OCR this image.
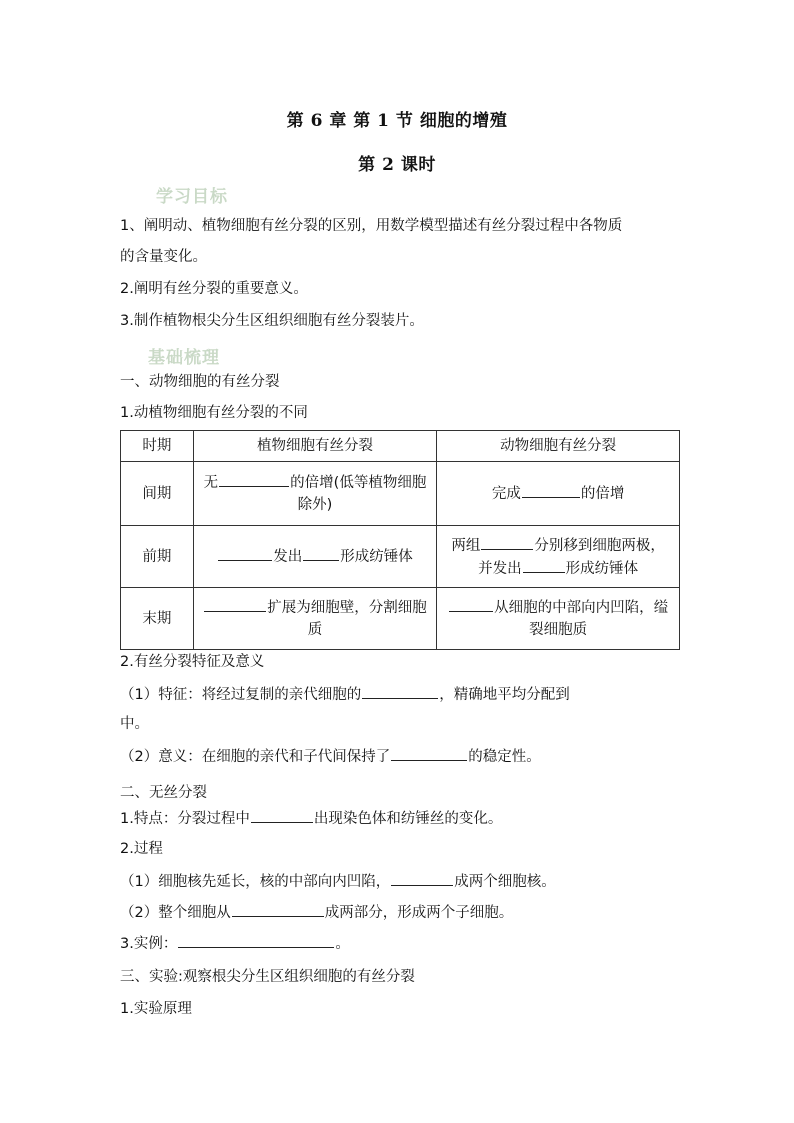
第 6 章 第 1 节 细胞的增殖
第 2 课时
学习目标
1、阐明动、植物细胞有丝分裂的区别，用数学模型描述有丝分裂过程中各物质
的含量变化。
2.阐明有丝分裂的重要意义。
3.制作植物根尖分生区组织细胞有丝分裂装片。
基础梳理
一、动物细胞的有丝分裂
1.动植物细胞有丝分裂的不同
时期	植物细胞有丝分裂	动物细胞有丝分裂
间期	无 的倍增(低等植物细胞
除外)	完成 的倍增
前期	发出 形成纺锤体	两组 分别移到细胞两极，
并发出 形成纺锤体
末期	扩展为细胞壁，分割细胞
质	从细胞的中部向内凹陷，缢
裂细胞质
2.有丝分裂特征及意义
（1）特征：将经过复制的亲代细胞的	，精确地平均分配到
中。
（2）意义：在细胞的亲代和子代间保持了	的稳定性。
二、无丝分裂
1.特点：分裂过程中	出现染色体和纺锤丝的变化。
2.过程
（1）细胞核先延长，核的中部向内凹陷，	成两个细胞核。
（2）整个细胞从	成两部分，形成两个子细胞。
3.实例：	。
三、实验:观察根尖分生区组织细胞的有丝分裂
1.实验原理
